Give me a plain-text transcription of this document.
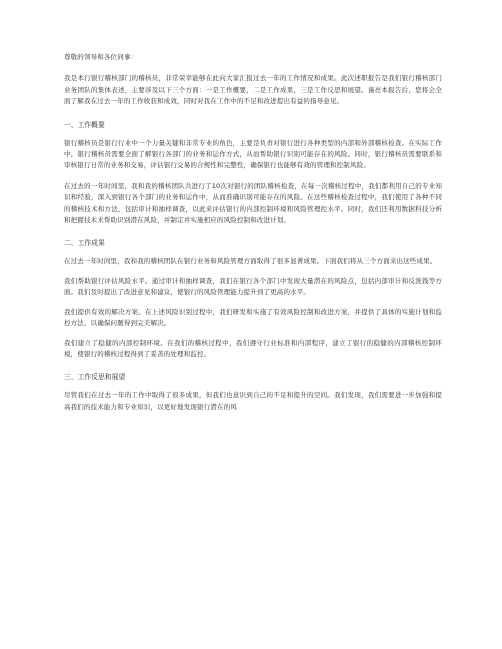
尊敬的领导和各位同事：

我是本行银行稽核部门的稽核员，非常荣幸能够在此向大家汇报过去一年的工作情况和成果。此次述职报告是我们银行稽核部门业务团队的集体表述，主要涉及以下三个方面：一是工作概要，二是工作成果，三是工作反思和展望。谨亮本报告后，您将会全面了解我在过去一年的工作收获和成效，同时对我在工作中的不足和改进提出有益的指导意见。

一、工作概要

银行稽核员是银行行业中一个力量关键和非常专业的角色，主要是负责对银行进行各种类型的内部和外部稽核检查。在实际工作中，银行稽核员需要全面了解银行各部门的业务和运作方式，从而帮助银行识别可能存在的风险。同时，银行稽核员需要联系和审核银行日常的业务和交易，评估银行交易的合规性和完整性，确保银行也能够有效的管理和控制风险。

在过去的一年时间里，我和我的稽核团队共进行了10次对银行的团队稽核检查，在每一次稽核过程中，我们都利用自己的专业知识和经验，深入到银行各个部门的业务和运作中，从而准确识别可能存在的风险。在这些稽核检查过程中，我们使用了各种不同的稽核技术和方法，包括审计和抽样调查，以此来评估银行的内部控制环境和风险管理控水平。同时，我们还利用数据科技分析和把握技术来帮助识别潜在风险，并制定并实施相应的风险控制和改进计划。

二、工作成果

在过去一年时间里，我和我的稽核团队在银行业务和风险管理方面取得了很多显著成果。下面我们将从三个方面来出这些成果。

我们帮助银行评估风险水平。通过审计和抽样调查，我们在银行各个部门中发现大量潜在的风险点，包括内部审计和反洗钱等方面。我们及时提出了改进意见和建议，使银行的风险管理能力提升到了更高的水平。

我们提供有效的解决方案。在上述风险识别过程中，我们研发和实施了有效风险控制和改进方案，并提供了具体的实施计划和监控方法，以确保问题得到完美解决。

我们建立了稳健的内部控制环境。在我们的稽核过程中，我们遵守行业标准和内部程序，建立了银行的稳健的内部稽核控制环境，使银行的稽核过程得到了妥善的处理和监控。

三、工作反思和展望

尽管我们在过去一年的工作中取得了很多成果，但我们也意识到自己的不足和提升的空间。我们发现，我们需要进一步加强和提高我们的技术能力和专业知识，以更好地发现银行潜在的风
